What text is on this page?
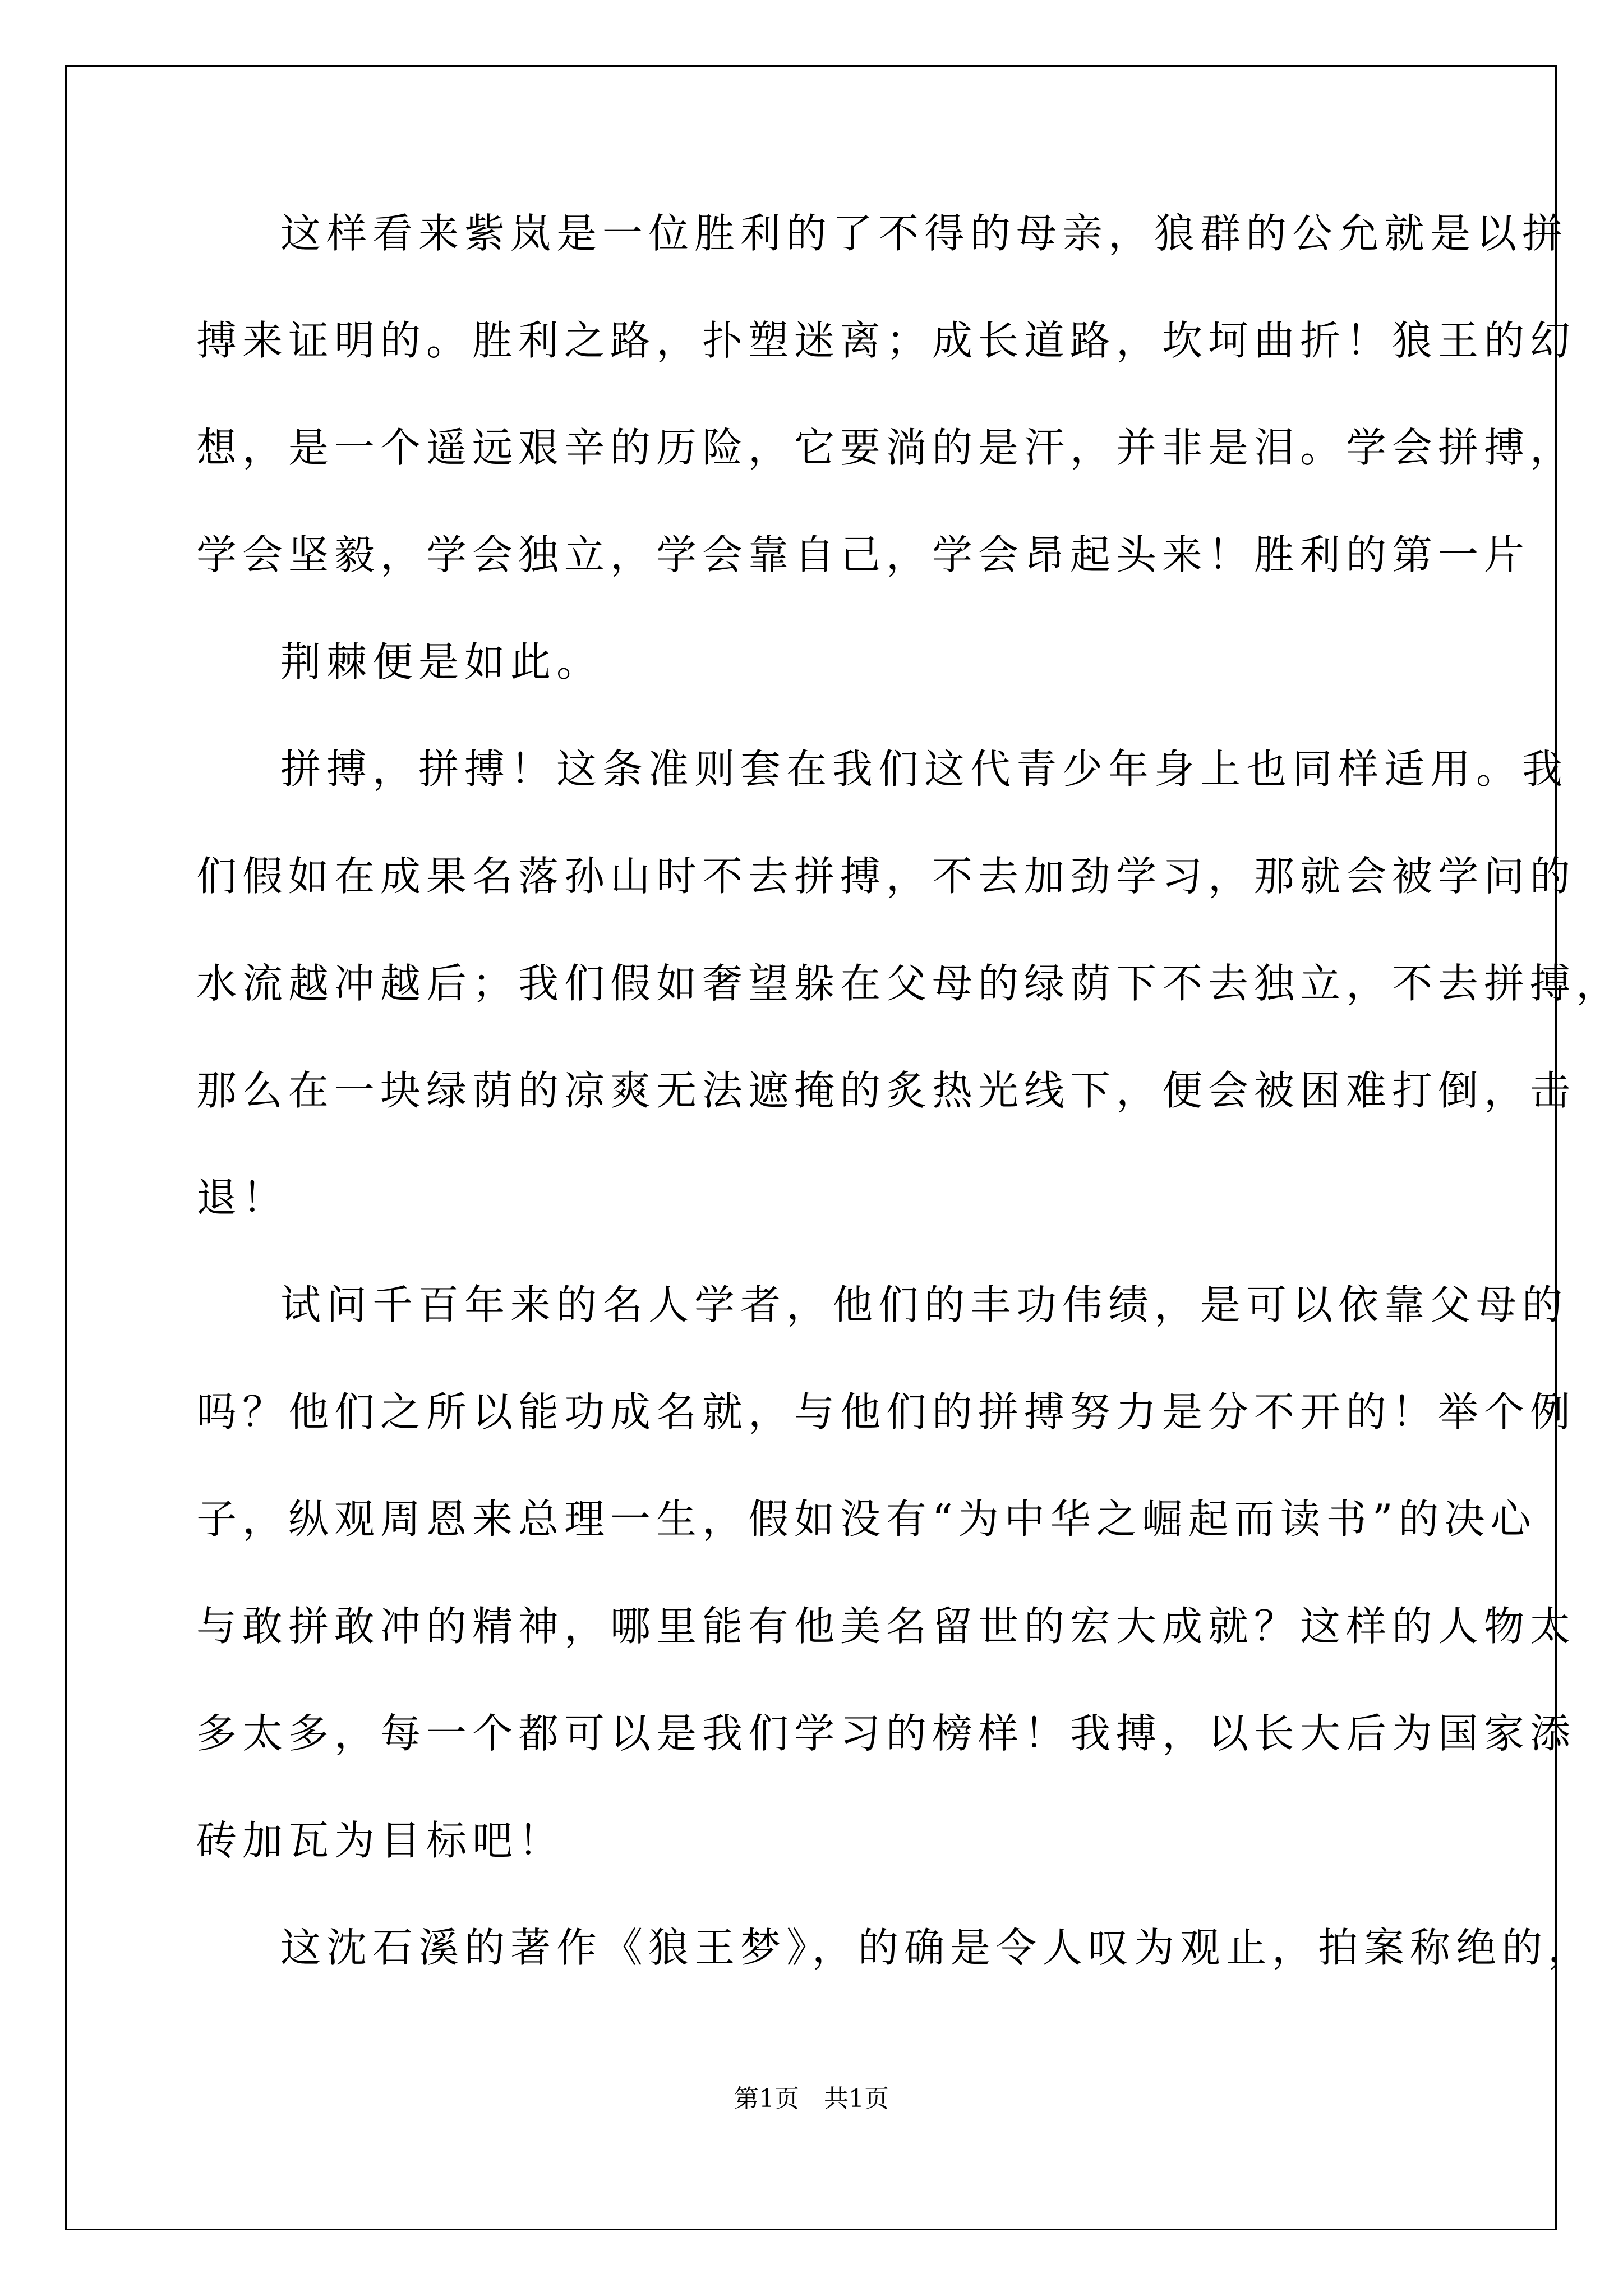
这样看来紫岚是一位胜利的了不得的母亲，狼群的公允就是以拼
搏来证明的。胜利之路，扑塑迷离；成长道路，坎坷曲折！狼王的幻
想，是一个遥远艰辛的历险，它要淌的是汗，并非是泪。学会拼搏，
学会坚毅，学会独立，学会靠自己，学会昂起头来！胜利的第一片
荆棘便是如此。
拼搏，拼搏！这条准则套在我们这代青少年身上也同样适用。我
们假如在成果名落孙山时不去拼搏，不去加劲学习，那就会被学问的
水流越冲越后；我们假如奢望躲在父母的绿荫下不去独立，不去拼搏，
那么在一块绿荫的凉爽无法遮掩的炙热光线下，便会被困难打倒，击
退！
试问千百年来的名人学者，他们的丰功伟绩，是可以依靠父母的
吗？他们之所以能功成名就，与他们的拼搏努力是分不开的！举个例
子，纵观周恩来总理一生，假如没有“为中华之崛起而读书”的决心
与敢拼敢冲的精神，哪里能有他美名留世的宏大成就？这样的人物太
多太多，每一个都可以是我们学习的榜样！我搏，以长大后为国家添
砖加瓦为目标吧！
这沈石溪的著作《狼王梦》，的确是令人叹为观止，拍案称绝的，
第1页　共1页
